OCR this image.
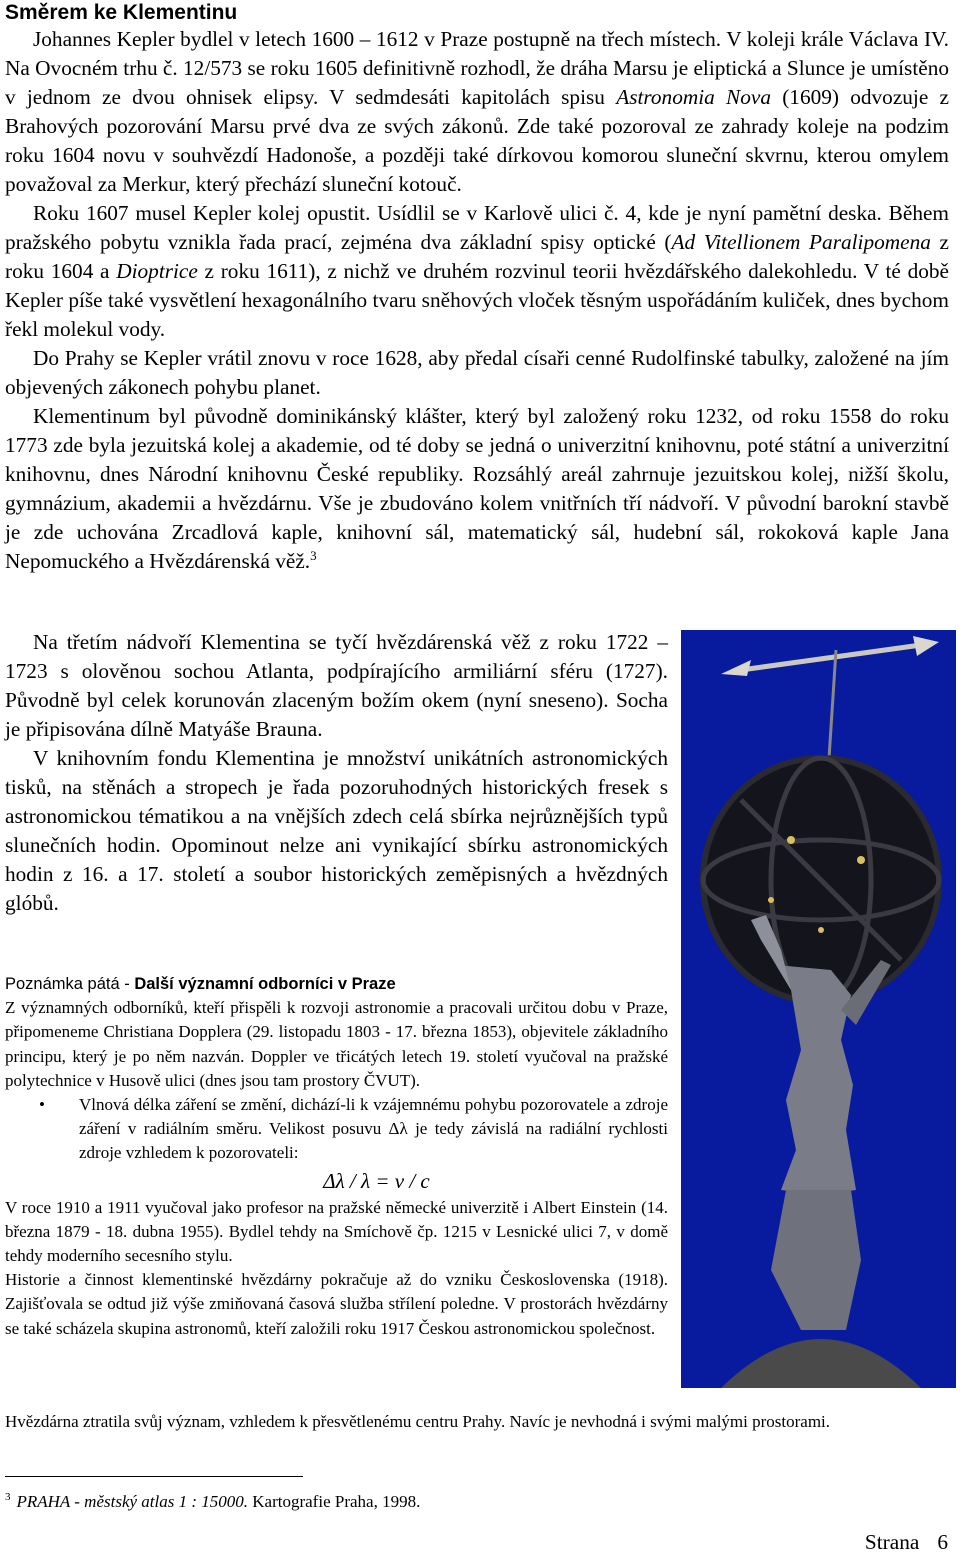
Směrem ke Klementinu

Johannes Kepler bydlel v letech 1600 – 1612 v Praze postupně na třech místech. V koleji krále Václava IV. Na Ovocném trhu č. 12/573 se roku 1605 definitivně rozhodl, že dráha Marsu je eliptická a Slunce je umístěno v jednom ze dvou ohnisek elipsy. V sedmdesáti kapitolách spisu Astronomia Nova (1609) odvozuje z Brahových pozorování Marsu prvé dva ze svých zákonů. Zde také pozoroval ze zahrady koleje na podzim roku 1604 novu v souhvězdí Hadonoše, a později také dírkovou komorou sluneční skvrnu, kterou omylem považoval za Merkur, který přechází sluneční kotouč.

Roku 1607 musel Kepler kolej opustit. Usídlil se v Karlově ulici č. 4, kde je nyní pamětní deska. Během pražského pobytu vznikla řada prací, zejména dva základní spisy optické (Ad Vitellionem Paralipomena z roku 1604 a Dioptrice z roku 1611), z nichž ve druhém rozvinul teorii hvězdářského dalekohledu. V té době Kepler píše také vysvětlení hexagonálního tvaru sněhových vloček těsným uspořádáním kuliček, dnes bychom řekl molekul vody.

Do Prahy se Kepler vrátil znovu v roce 1628, aby předal císaři cenné Rudolfinské tabulky, založené na jím objevených zákonech pohybu planet.

Klementinum byl původně dominikánský klášter, který byl založený roku 1232, od roku 1558 do roku 1773 zde byla jezuitská kolej a akademie, od té doby se jedná o univerzitní knihovnu, poté státní a univerzitní knihovnu, dnes Národní knihovnu České republiky. Rozsáhlý areál zahrnuje jezuitskou kolej, nižší školu, gymnázium, akademii a hvězdárnu. Vše je zbudováno kolem vnitřních tří nádvoří. V původní barokní stavbě je zde uchována Zrcadlová kaple, knihovní sál, matematický sál, hudební sál, rokoková kaple Jana Nepomuckého a Hvězdárenská věž.$^3$

Na třetím nádvoří Klementina se tyčí hvězdárenská věž z roku 1722 – 1723 s olověnou sochou Atlanta, podpírajícího armiliární sféru (1727). Původně byl celek korunován zlaceným božím okem (nyní sneseno). Socha je připisována dílně Matyáše Brauna.

V knihovním fondu Klementina je množství unikátních astronomických tisků, na stěnách a stropech je řada pozoruhodných historických fresek s astronomickou tématikou a na vnějších zdech celá sbírka nejrůznějších typů slunečních hodin. Opominout nelze ani vynikající sbírku astronomických hodin z 16. a 17. století a soubor historických zeměpisných a hvězdných glóbů.

Poznámka pátá - Další významní odborníci v Praze

Z významných odborníků, kteří přispěli k rozvoji astronomie a pracovali určitou dobu v Praze, připomeneme Christiana Dopplera (29. listopadu 1803 - 17. března 1853), objevitele základního principu, který je po něm nazván. Doppler ve třicátých letech 19. století vyučoval na pražské polytechnice v Husově ulici (dnes jsou tam prostory ČVUT).

• Vlnová délka záření se změní, dichází-li k vzájemnému pohybu pozorovatele a zdroje záření v radiálním směru. Velikost posuvu Δλ je tedy závislá na radiální rychlosti zdroje vzhledem k pozorovateli:

Δλ / λ = v / c

V roce 1910 a 1911 vyučoval jako profesor na pražské německé univerzitě i Albert Einstein (14. března 1879 - 18. dubna 1955). Bydlel tehdy na Smíchově čp. 1215 v Lesnické ulici 7, v domě tehdy moderního secesního stylu.

Historie a činnost klementinské hvězdárny pokračuje až do vzniku Československa (1918). Zajišťovala se odtud již výše zmiňovaná časová služba střílení poledne. V prostorách hvězdárny se také scházela skupina astronomů, kteří založili roku 1917 Českou astronomickou společnost.

Hvězdárna ztratila svůj význam, vzhledem k přesvětlenému centru Prahy. Navíc je nevhodná i svými malými prostorami.

$^3$ PRAHA - městský atlas 1 : 15000. Kartografie Praha, 1998.
Strana 6
